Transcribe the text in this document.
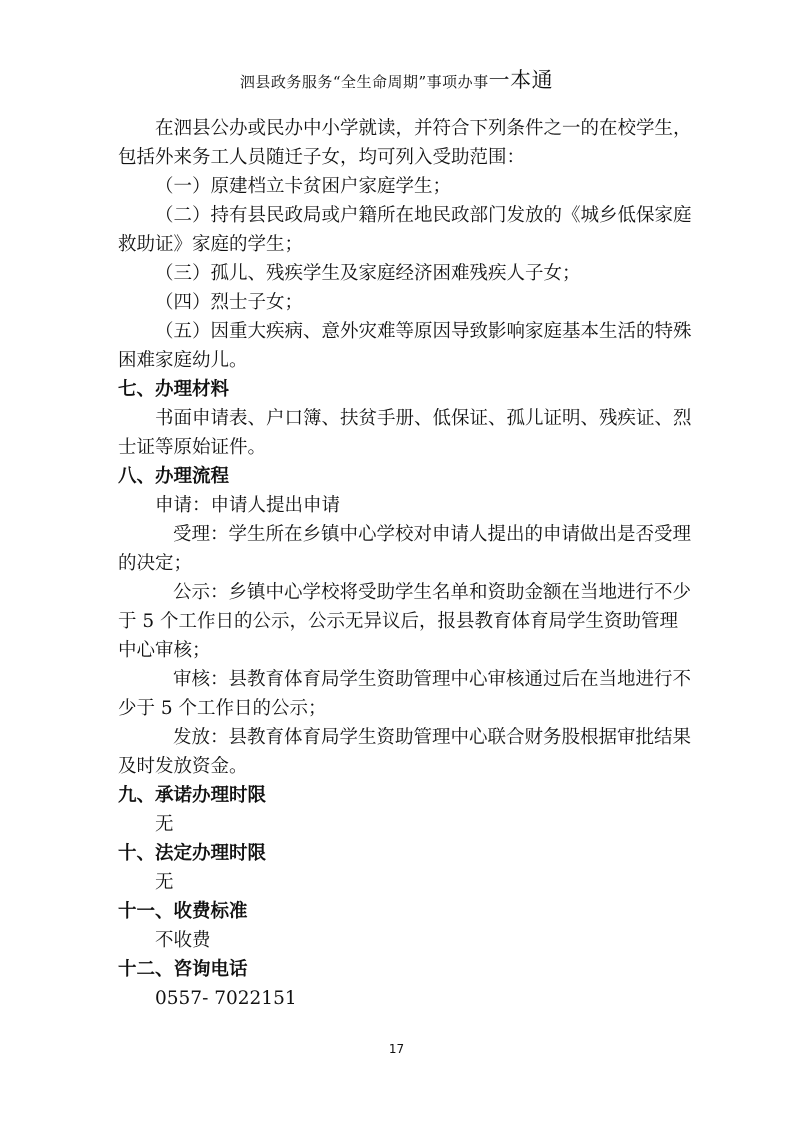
泗县政务服务“全生命周期”事项办事一本通

在泗县公办或民办中小学就读，并符合下列条件之一的在校学生，包括外来务工人员随迁子女，均可列入受助范围：

（一）原建档立卡贫困户家庭学生；

（二）持有县民政局或户籍所在地民政部门发放的《城乡低保家庭救助证》家庭的学生；

（三）孤儿、残疾学生及家庭经济困难残疾人子女；

（四）烈士子女；

（五）因重大疾病、意外灾难等原因导致影响家庭基本生活的特殊困难家庭幼儿。

七、办理材料

书面申请表、户口簿、扶贫手册、低保证、孤儿证明、残疾证、烈士证等原始证件。

八、办理流程

申请：申请人提出申请

受理：学生所在乡镇中心学校对申请人提出的申请做出是否受理的决定；

公示：乡镇中心学校将受助学生名单和资助金额在当地进行不少于 5 个工作日的公示，公示无异议后，报县教育体育局学生资助管理中心审核；

审核：县教育体育局学生资助管理中心审核通过后在当地进行不少于 5 个工作日的公示；

发放：县教育体育局学生资助管理中心联合财务股根据审批结果及时发放资金。

九、承诺办理时限

无

十、法定办理时限

无

十一、收费标准

不收费

十二、咨询电话

0557- 7022151

17
